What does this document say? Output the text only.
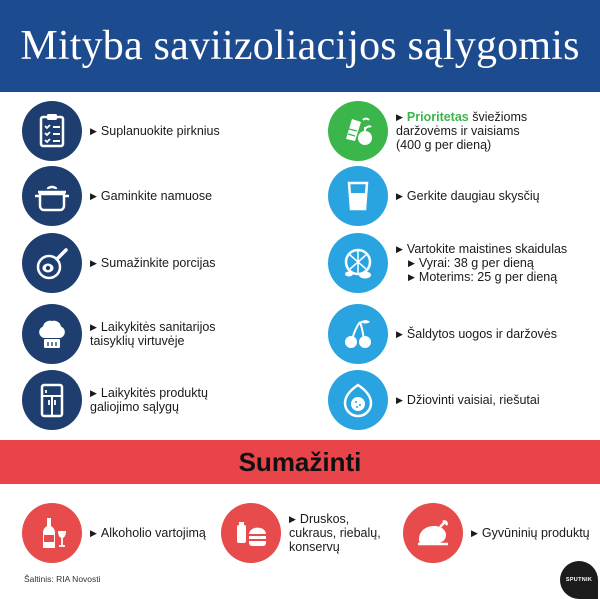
Mityba saviizoliacijos sąlygomis
▶ Suplanuokite pirknius
▶ Gaminkite namuose
▶ Sumažinkite porcijas
▶ Laikykitės sanitarijos
taisyklių virtuvėje
▶ Laikykitės produktų
galiojimo sąlygų
▶ Prioritetas šviežioms
daržovėms ir vaisiams
(400 g per dieną)
▶ Gerkite daugiau skysčių
▶ Vartokite maistines skaidulas
▶ Vyrai: 38 g per dieną
▶ Moterims: 25 g per dieną
▶ Šaldytos uogos ir daržovės
▶ Džiovinti vaisiai, riešutai
Sumažinti
▶ Alkoholio vartojimą
▶ Druskos,
cukraus, riebalų,
konservų
▶ Gyvūninių produktų
Šaltinis: RIA Novosti	SPUTNIK
